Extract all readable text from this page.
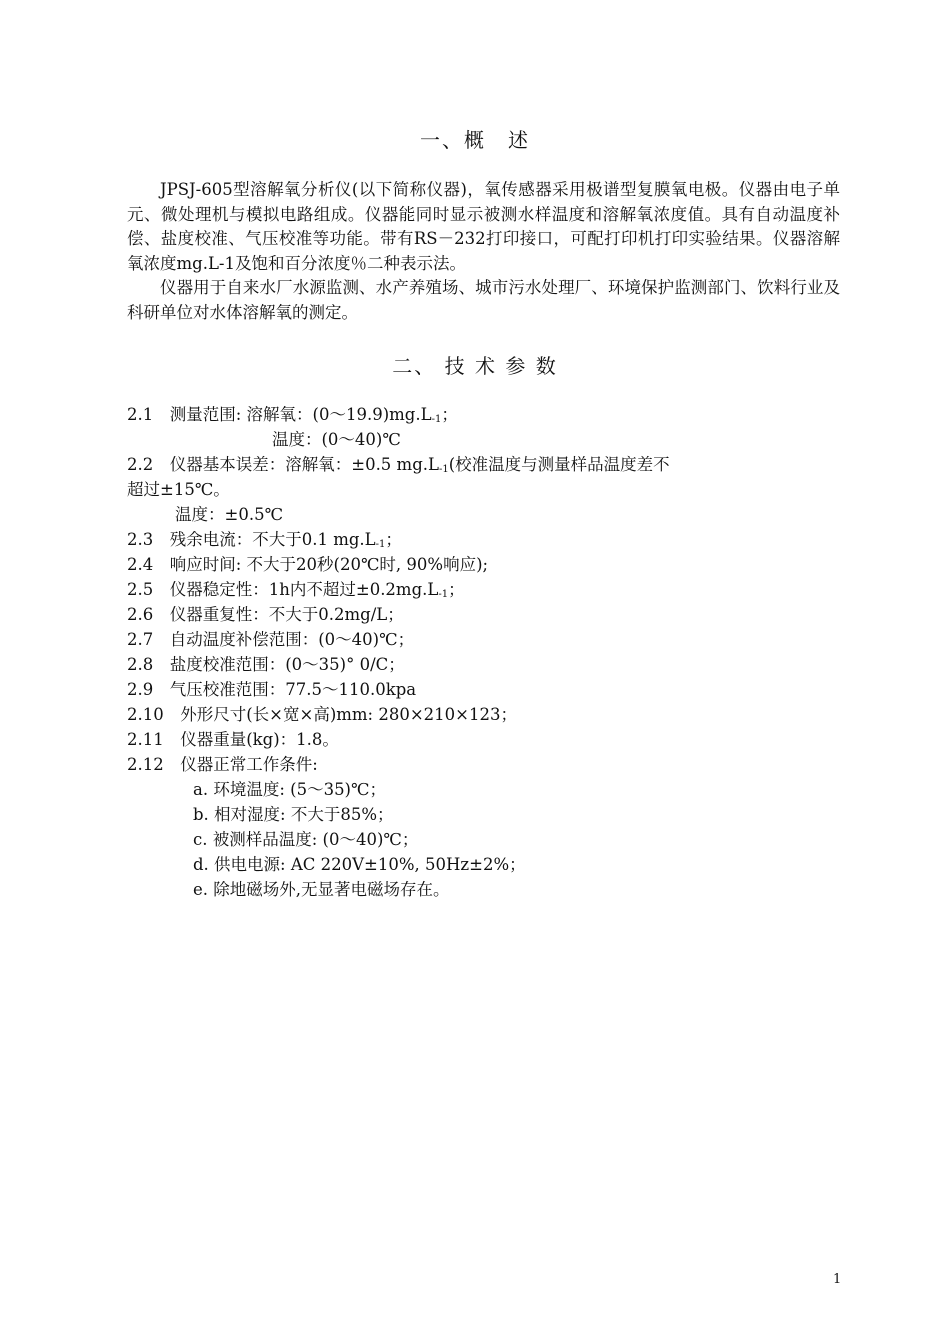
一、概　述
JPSJ-605型溶解氧分析仪(以下简称仪器)，氧传感器采用极谱型复膜氧电极。仪器由电子单元、微处理机与模拟电路组成。仪器能同时显示被测水样温度和溶解氧浓度值。具有自动温度补偿、盐度校准、气压校准等功能。带有RS－232打印接口，可配打印机打印实验结果。仪器溶解氧浓度mg.L-1及饱和百分浓度％二种表示法。
仪器用于自来水厂水源监测、水产养殖场、城市污水处理厂、环境保护监测部门、饮料行业及科研单位对水体溶解氧的测定。
二、 技 术 参 数
2.1　测量范围: 溶解氧：$(0\sim 19.9)mg.L_{-1}$；
温度：(0～40)℃
2.2　仪器基本误差：溶解氧：±0.5 $mg.L_{-1}$(校准温度与测量样品温度差不
超过±15℃。
温度：±0.5℃
2.3　残余电流：不大于0.1 $mg.L_{-1}$；
2.4　响应时间: 不大于20秒(20℃时, 90%响应);
2.5　仪器稳定性：1h内不超过$\pm 0.2mg.L_{-1}$；
2.6　仪器重复性：不大于0.2mg/L；
2.7　自动温度补偿范围：(0～40)℃；
2.8　盐度校准范围：(0～35)° 0/C；
2.9　气压校准范围：77.5～110.0kpa
2.10　外形尺寸(长×宽×高)mm: 280×210×123；
2.11　仪器重量(kg)：1.8。
2.12　仪器正常工作条件:
a. 环境温度: (5～35)℃；
b. 相对湿度: 不大于85%；
c. 被测样品温度: (0～40)℃；
d. 供电电源: AC 220V±10%, 50Hz±2%；
e. 除地磁场外,无显著电磁场存在。
1
